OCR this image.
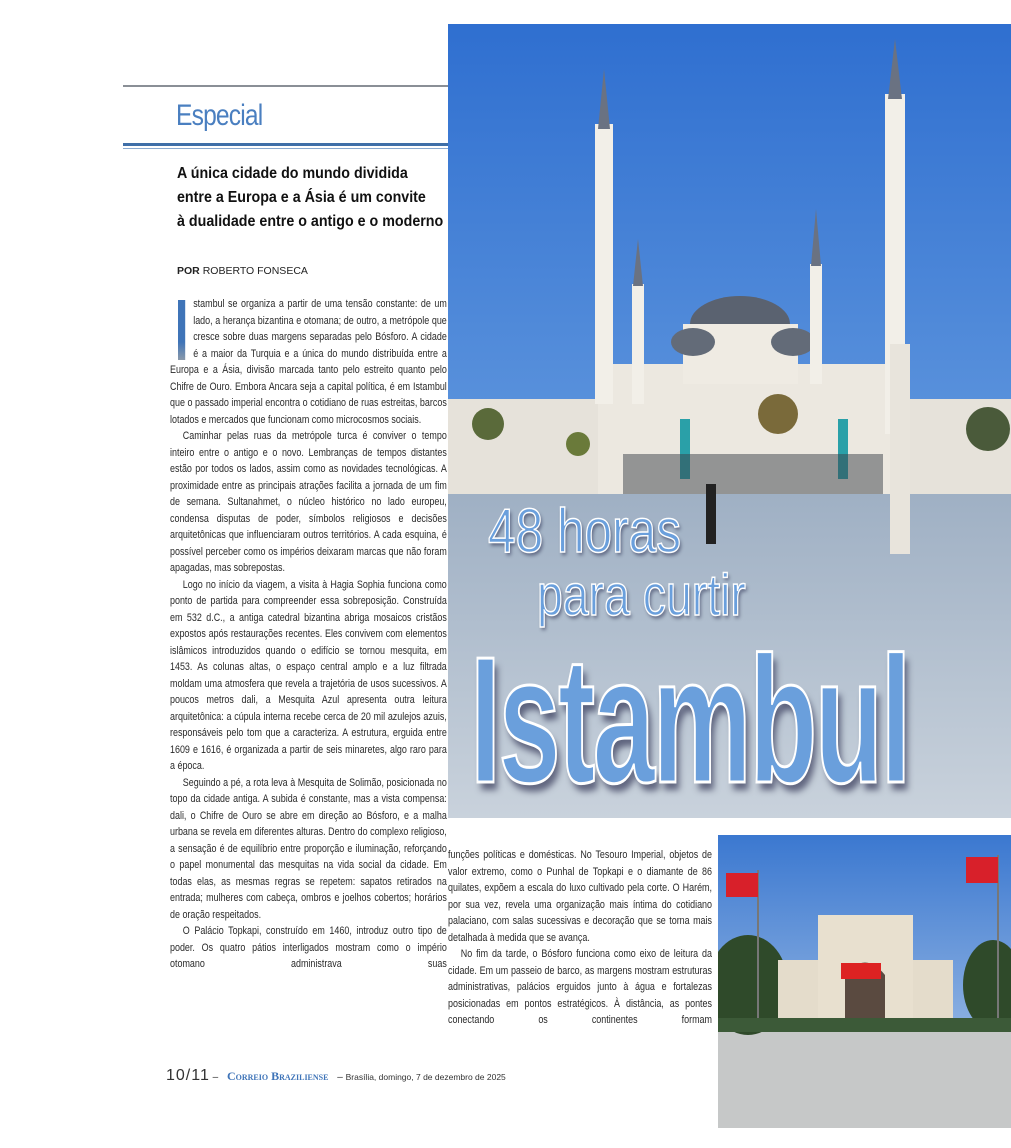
Especial
A única cidade do mundo dividida
entre a Europa e a Ásia é um convite
à dualidade entre o antigo e o moderno
POR ROBERTO FONSECA

stambul se organiza a partir de uma tensão constante: de um lado, a herança bizantina e otomana; de outro, a metrópole que cresce sobre duas margens separadas pelo Bósforo. A cidade é a maior da Turquia e a única do mundo distribuída entre a Europa e a Ásia, divisão marcada tanto pelo estreito quanto pelo Chifre de Ouro. Embora Ancara seja a capital política, é em Istambul que o passado imperial encontra o cotidiano de ruas estreitas, barcos lotados e mercados que funcionam como microcosmos sociais.

Caminhar pelas ruas da metrópole turca é conviver o tempo inteiro entre o antigo e o novo. Lembranças de tempos distantes estão por todos os lados, assim como as novidades tecnológicas. A proximidade entre as principais atrações facilita a jornada de um fim de semana. Sultanahmet, o núcleo histórico no lado europeu, condensa disputas de poder, símbolos religiosos e decisões arquitetônicas que influenciaram outros territórios. A cada esquina, é possível perceber como os impérios deixaram marcas que não foram apagadas, mas sobrepostas.

Logo no início da viagem, a visita à Hagia Sophia funciona como ponto de partida para compreender essa sobreposição. Construída em 532 d.C., a antiga catedral bizantina abriga mosaicos cristãos expostos após restaurações recentes. Eles convivem com elementos islâmicos introduzidos quando o edifício se tornou mesquita, em 1453. As colunas altas, o espaço central amplo e a luz filtrada moldam uma atmosfera que revela a trajetória de usos sucessivos. A poucos metros dali, a Mesquita Azul apresenta outra leitura arquitetônica: a cúpula interna recebe cerca de 20 mil azulejos azuis, responsáveis pelo tom que a caracteriza. A estrutura, erguida entre 1609 e 1616, é organizada a partir de seis minaretes, algo raro para a época.

Seguindo a pé, a rota leva à Mesquita de Solimão, posicionada no topo da cidade antiga. A subida é constante, mas a vista compensa: dali, o Chifre de Ouro se abre em direção ao Bósforo, e a malha urbana se revela em diferentes alturas. Dentro do complexo religioso, a sensação é de equilíbrio entre proporção e iluminação, reforçando o papel monumental das mesquitas na vida social da cidade. Em todas elas, as mesmas regras se repetem: sapatos retirados na entrada; mulheres com cabeça, ombros e joelhos cobertos; horários de oração respeitados.

O Palácio Topkapi, construído em 1460, introduz outro tipo de poder. Os quatro pátios interligados mostram como o império otomano administrava suas

funções políticas e domésticas. No Tesouro Imperial, objetos de valor extremo, como o Punhal de Topkapi e o diamante de 86 quilates, expõem a escala do luxo cultivado pela corte. O Harém, por sua vez, revela uma organização mais íntima do cotidiano palaciano, com salas sucessivas e decoração que se torna mais detalhada à medida que se avança.

No fim da tarde, o Bósforo funciona como eixo de leitura da cidade. Em um passeio de barco, as margens mostram estruturas administrativas, palácios erguidos junto à água e fortalezas posicionadas em pontos estratégicos. À distância, as pontes conectando os continentes formam

48 horas
para curtir
Istambul
10/11 – Correio Braziliense – Brasília, domingo, 7 de dezembro de 2025
